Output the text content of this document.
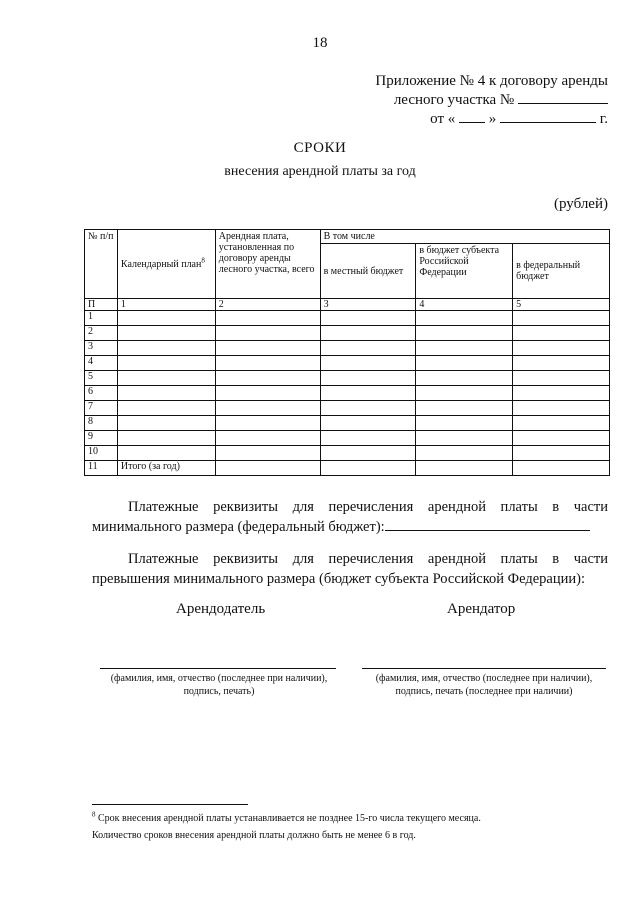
18
Приложение № 4 к договору аренды
лесного участка №
от « »	г.
СРОКИ
внесения арендной платы за год
(рублей)
№ п/п	Календарный план$^8$	Арендная плата, установленная по договору аренды лесного участка, всего	В том числе		
			в местный бюджет	в бюджет субъекта Российской Федерации	в федеральный бюджет
П	1	2	3	4	5
1					
2					
3					
4					
5					
6					
7					
8					
9					
10					
11	Итого (за год)				

Платежные реквизиты для перечисления арендной платы в части минимального размера (федеральный бюджет):

Платежные реквизиты для перечисления арендной платы в части превышения минимального размера (бюджет субъекта Российской Федерации):

Арендодатель	Арендатор
(фамилия, имя, отчество (последнее при наличии), подпись, печать)
(фамилия, имя, отчество (последнее при наличии), подпись, печать (последнее при наличии)
$^8$ Срок внесения арендной платы устанавливается не позднее 15-го числа текущего месяца.
Количество сроков внесения арендной платы должно быть не менее 6 в год.
